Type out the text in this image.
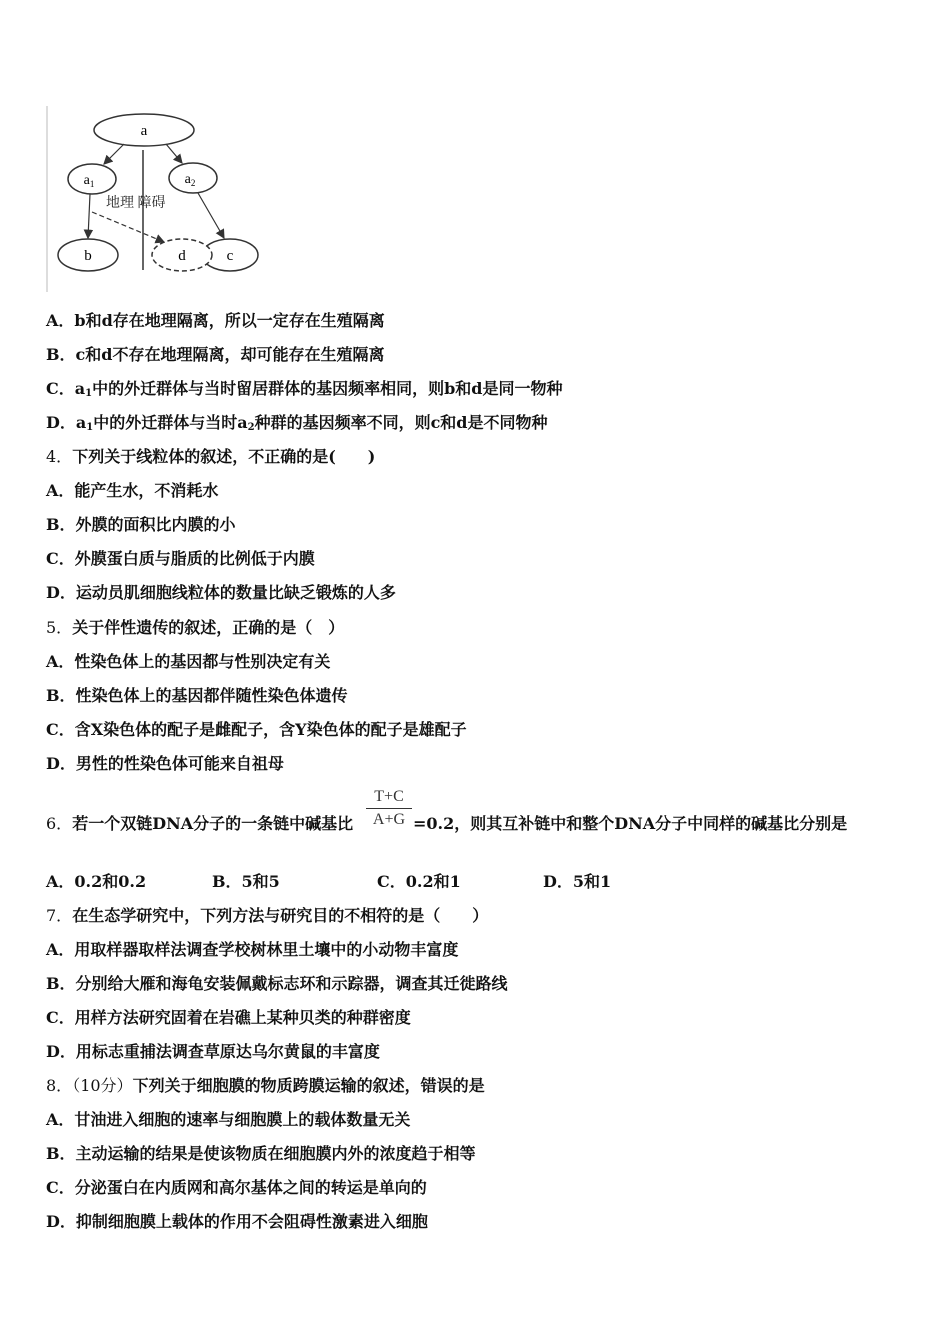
a
$a_1$	$a_2$
b	c
d
地理 障碍
A．b和d存在地理隔离，所以一定存在生殖隔离
B．c和d不存在地理隔离，却可能存在生殖隔离
C．$a_1$中的外迁群体与当时留居群体的基因频率相同，则b和d是同一物种
D．$a_1$中的外迁群体与当时$a_2$种群的基因频率不同，则c和d是不同物种
4．下列关于线粒体的叙述，不正确的是(　　)
A．能产生水，不消耗水
B．外膜的面积比内膜的小
C．外膜蛋白质与脂质的比例低于内膜
D．运动员肌细胞线粒体的数量比缺乏锻炼的人多
5．关于伴性遗传的叙述，正确的是（　）
A．性染色体上的基因都与性别决定有关
B．性染色体上的基因都伴随性染色体遗传
C．含X染色体的配子是雌配子，含Y染色体的配子是雄配子
D．男性的性染色体可能来自祖母
6．若一个双链DNA分子的一条链中碱基比 $\frac{T+C}{A+G} =0.2$，则其互补链中和整个DNA分子中同样的碱基比分别是
A．0.2和0.2	B．5和5	C．0.2和1	D．5和1
7．在生态学研究中，下列方法与研究目的不相符的是（　　）
A．用取样器取样法调查学校树林里土壤中的小动物丰富度
B．分别给大雁和海龟安装佩戴标志环和示踪器，调查其迁徙路线
C．用样方法研究固着在岩礁上某种贝类的种群密度
D．用标志重捕法调查草原达乌尔黄鼠的丰富度
8．（10分）下列关于细胞膜的物质跨膜运输的叙述，错误的是
A．甘油进入细胞的速率与细胞膜上的载体数量无关
B．主动运输的结果是使该物质在细胞膜内外的浓度趋于相等
C．分泌蛋白在内质网和高尔基体之间的转运是单向的
D．抑制细胞膜上载体的作用不会阻碍性激素进入细胞
